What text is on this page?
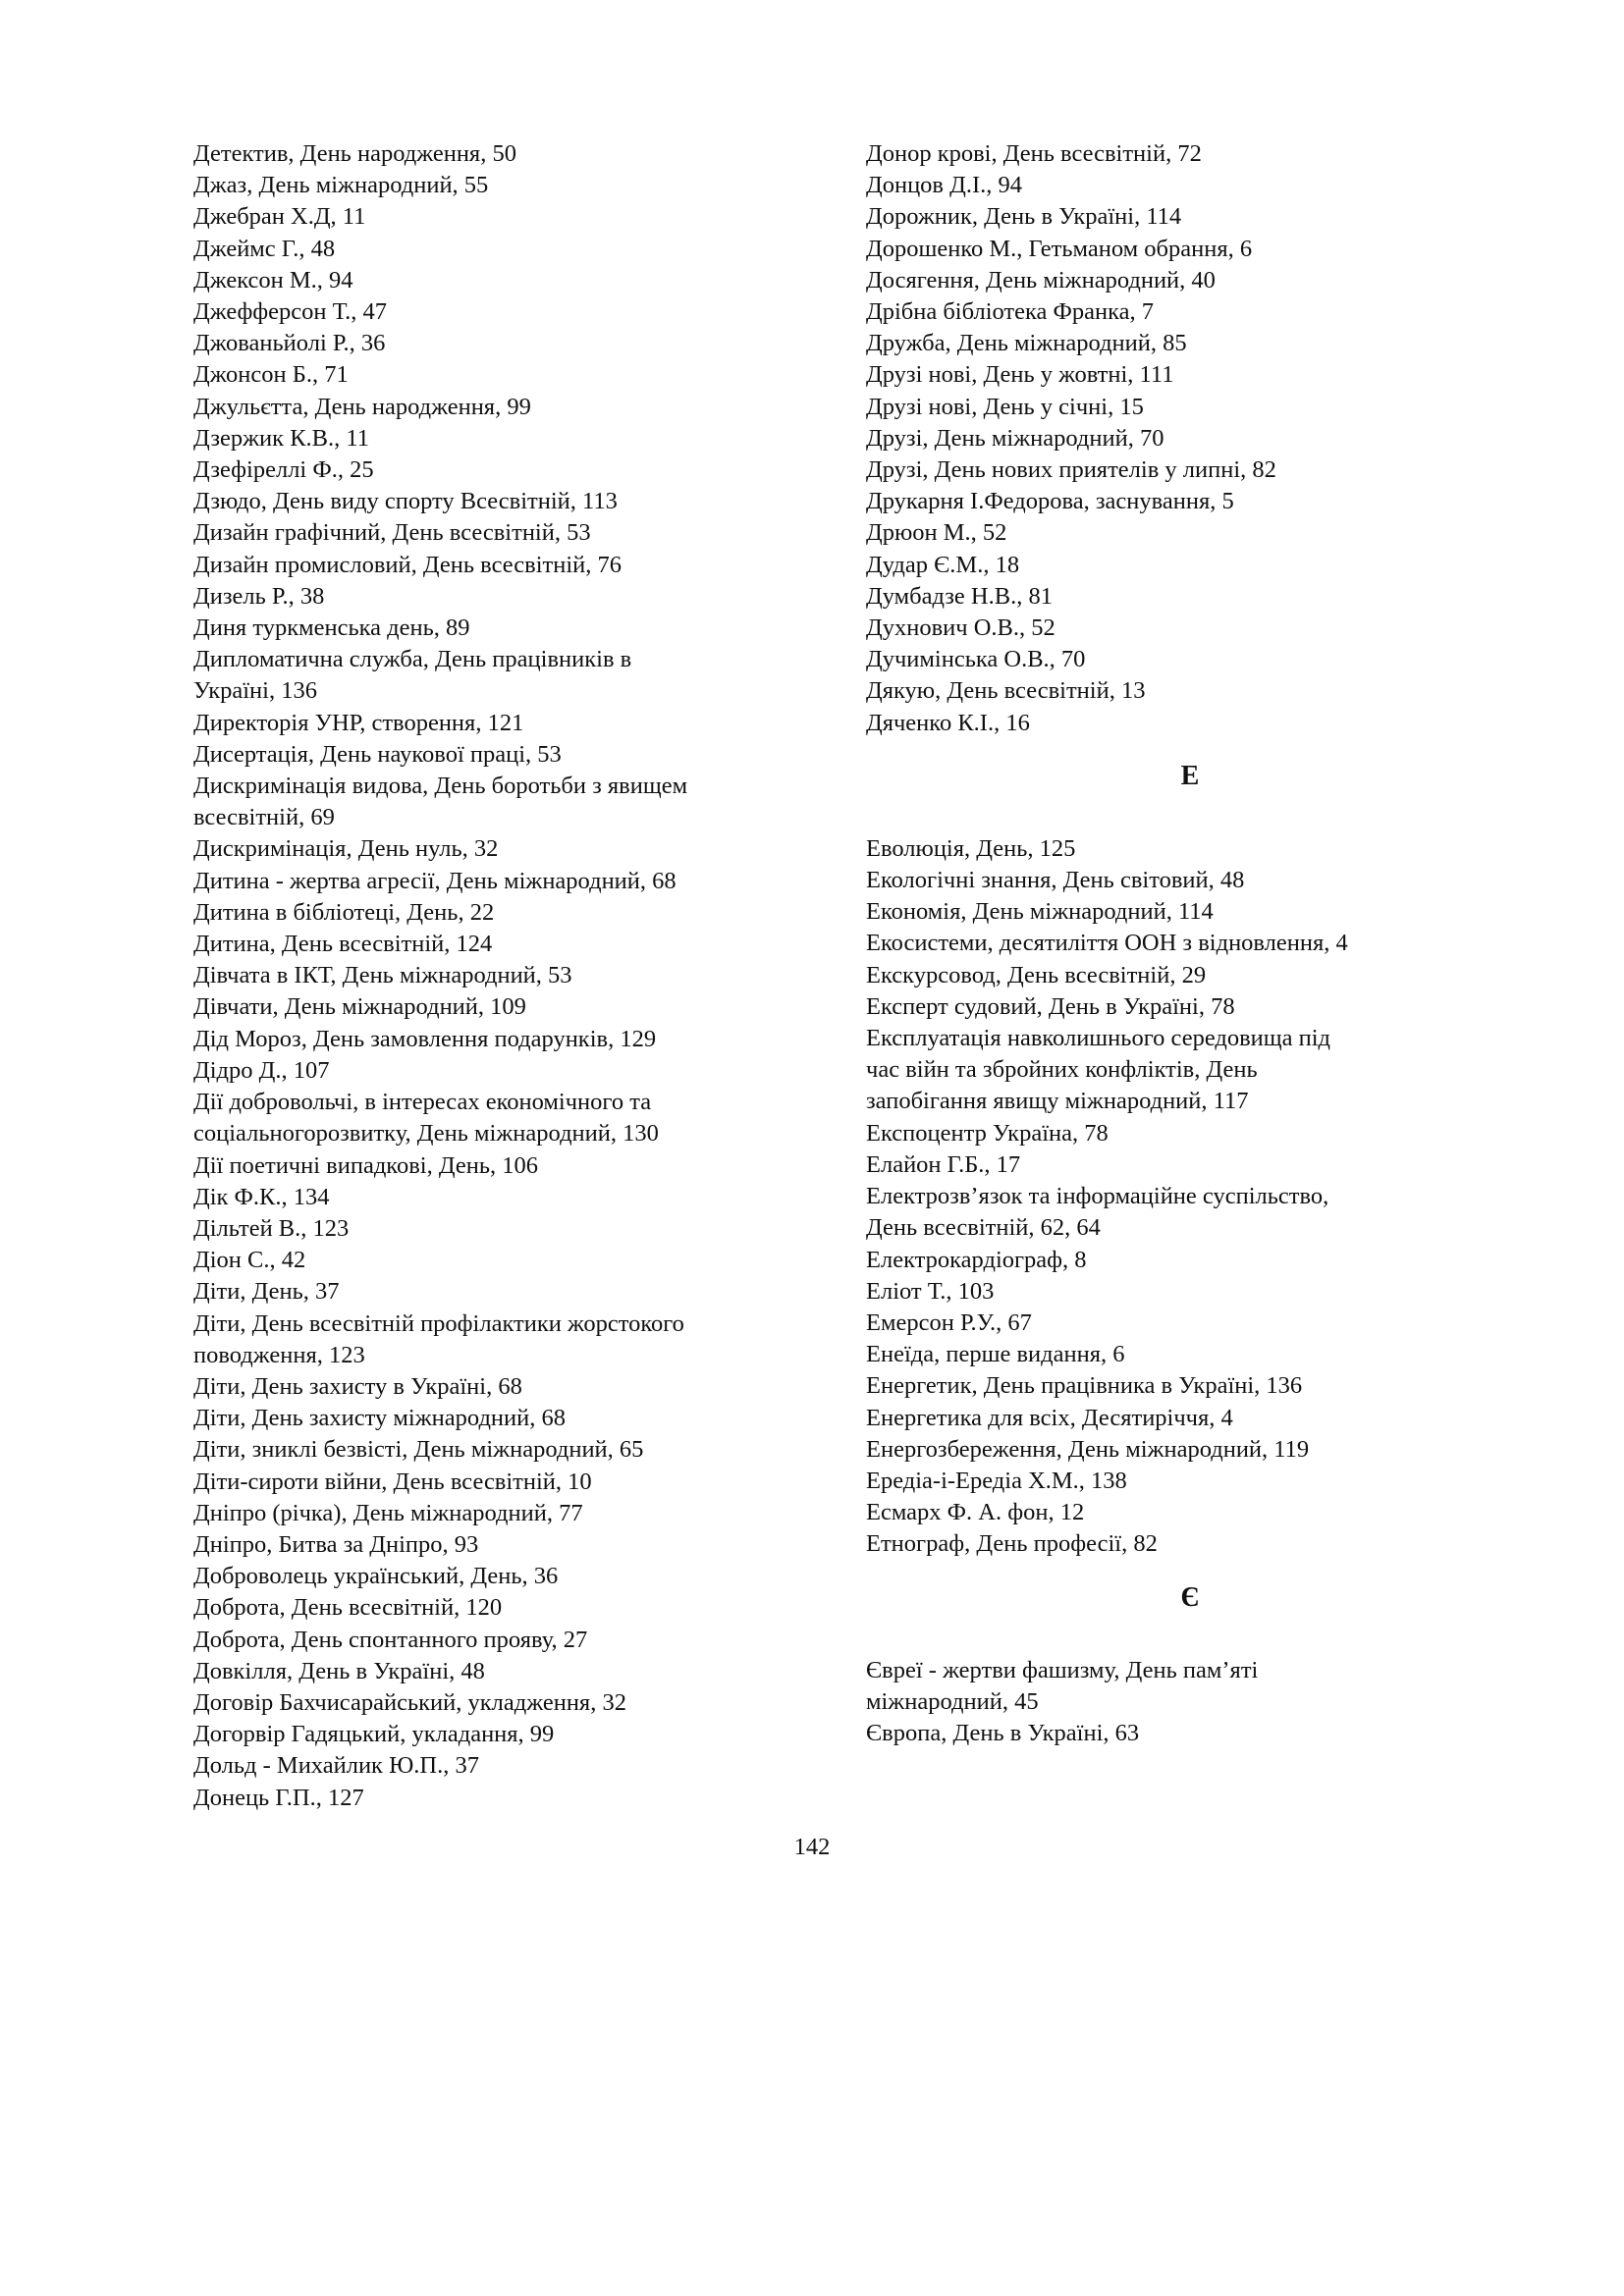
Детектив, День народження, 50
Джаз, День міжнародний, 55
Джебран Х.Д, 11
Джеймс Г., 48
Джексон М., 94
Джефферсон Т., 47
Джованьйолі Р., 36
Джонсон Б., 71
Джульєтта, День народження, 99
Дзержик К.В., 11
Дзефіреллі Ф., 25
Дзюдо, День виду спорту Всесвітній, 113
Дизайн графічний, День всесвітній, 53
Дизайн промисловий, День всесвітній, 76
Дизель Р., 38
Диня туркменська день, 89
Дипломатична служба, День працівників в
Україні, 136
Директорія УНР, створення, 121
Дисертація, День наукової праці, 53
Дискримінація видова, День боротьби з явищем
всесвітній, 69
Дискримінація, День нуль, 32
Дитина - жертва агресії, День міжнародний, 68
Дитина в бібліотеці, День, 22
Дитина, День всесвітній, 124
Дівчата в ІКТ, День міжнародний, 53
Дівчати, День міжнародний, 109
Дід Мороз, День замовлення подарунків, 129
Дідро Д., 107
Дії добровольчі, в інтересах економічного та
соціальногорозвитку, День міжнародний, 130
Дії поетичні випадкові, День, 106
Дік Ф.К., 134
Дільтей В., 123
Діон С., 42
Діти, День, 37
Діти, День всесвітній профілактики жорстокого
поводження, 123
Діти, День захисту в Україні, 68
Діти, День захисту міжнародний, 68
Діти, зниклі безвісті, День міжнародний, 65
Діти-сироти війни, День всесвітній, 10
Дніпро (річка), День міжнародний, 77
Дніпро, Битва за Дніпро, 93
Доброволець український, День, 36
Доброта, День всесвітній, 120
Доброта, День спонтанного прояву, 27
Довкілля, День в Україні, 48
Договір Бахчисарайський, укладження, 32
Догорвір Гадяцький, укладання, 99
Дольд - Михайлик Ю.П., 37
Донець Г.П., 127
Донор крові, День всесвітній, 72
Донцов Д.І., 94
Дорожник, День в Україні, 114
Дорошенко М., Гетьманом обрання, 6
Досягення, День міжнародний, 40
Дрібна бібліотека Франка, 7
Дружба, День міжнародний, 85
Друзі нові, День у жовтні, 111
Друзі нові, День у січні, 15
Друзі, День міжнародний, 70
Друзі, День нових приятелів у липні, 82
Друкарня І.Федорова, заснування, 5
Дрюон М., 52
Дудар Є.М., 18
Думбадзе Н.В., 81
Духнович О.В., 52
Дучимінська О.В., 70
Дякую, День всесвітній, 13
Дяченко К.І., 16
Е
Еволюція, День, 125
Екологічні знання, День світовий, 48
Економія, День міжнародний, 114
Екосистеми, десятиліття ООН з відновлення, 4
Екскурсовод, День всесвітній, 29
Експерт судовий, День в Україні, 78
Експлуатація навколишнього середовища під
час війн та збройних конфліктів, День
запобігання явищу міжнародний, 117
Експоцентр Україна, 78
Елайон Г.Б., 17
Електрозв’язок та інформаційне суспільство,
День всесвітній, 62, 64
Електрокардіограф, 8
Еліот Т., 103
Емерсон Р.У., 67
Енеїда, перше видання, 6
Енергетик, День працівника в Україні, 136
Енергетика для всіх, Десятиріччя, 4
Енергозбереження, День міжнародний, 119
Ередіа-і-Ередіа Х.М., 138
Есмарх Ф. А. фон, 12
Етнограф, День професії, 82
Є
Євреї - жертви фашизму, День пам’яті
міжнародний, 45
Європа, День в Україні, 63
142
